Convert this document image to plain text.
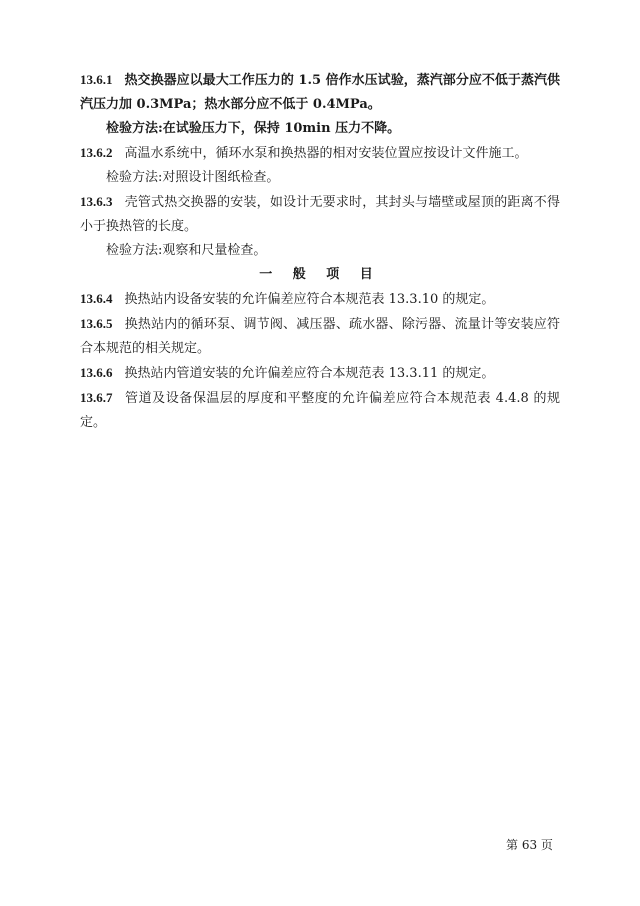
13.6.1 热交换器应以最大工作压力的 1.5 倍作水压试验，蒸汽部分应不低于蒸汽供汽压力加 0.3MPa；热水部分应不低于 0.4MPa。

检验方法:在试验压力下，保持 10min 压力不降。

13.6.2 高温水系统中，循环水泵和换热器的相对安装位置应按设计文件施工。

检验方法:对照设计图纸检查。

13.6.3 壳管式热交换器的安装，如设计无要求时，其封头与墙壁或屋顶的距离不得小于换热管的长度。

检验方法:观察和尺量检查。

一 般 项 目

13.6.4 换热站内设备安装的允许偏差应符合本规范表 13.3.10 的规定。

13.6.5 换热站内的循环泵、调节阀、减压器、疏水器、除污器、流量计等安装应符合本规范的相关规定。

13.6.6 换热站内管道安装的允许偏差应符合本规范表 13.3.11 的规定。

13.6.7 管道及设备保温层的厚度和平整度的允许偏差应符合本规范表 4.4.8 的规定。

第 63 页
